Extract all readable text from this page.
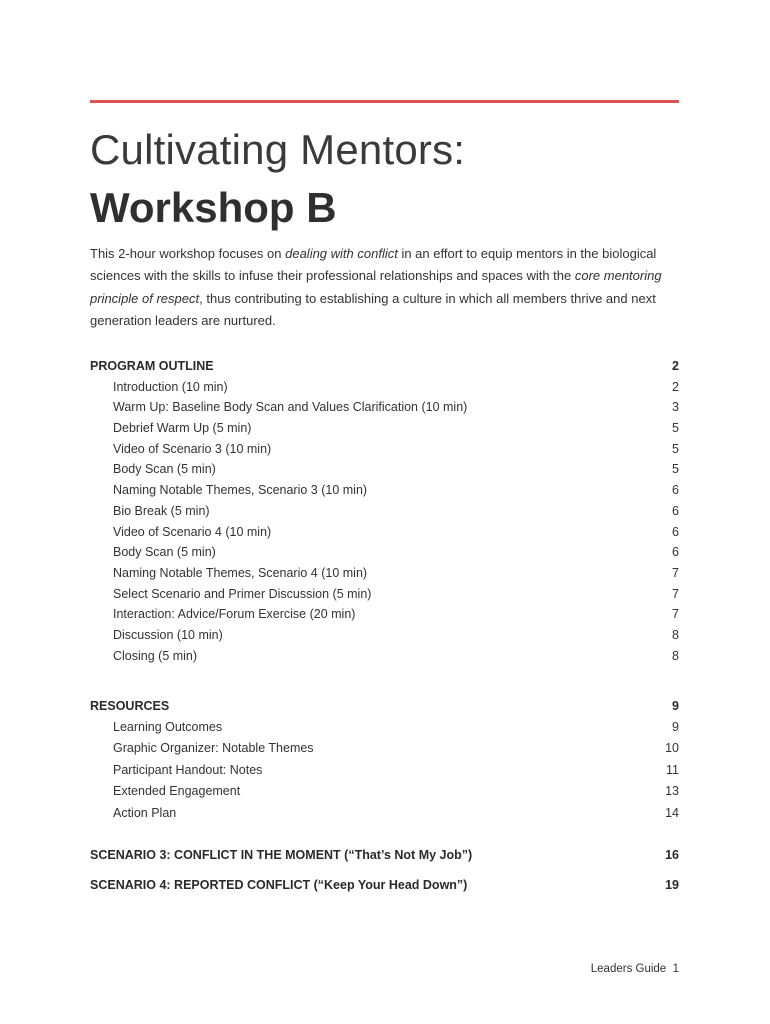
Cultivating Mentors:
Workshop B

This 2-hour workshop focuses on dealing with conflict in an effort to equip mentors in the biological sciences with the skills to infuse their professional relationships and spaces with the core mentoring principle of respect, thus contributing to establishing a culture in which all members thrive and next generation leaders are nurtured.

PROGRAM OUTLINE	2
Introduction (10 min)	2
Warm Up: Baseline Body Scan and Values Clarification (10 min)	3
Debrief Warm Up (5 min)	5
Video of Scenario 3 (10 min)	5
Body Scan (5 min)	5
Naming Notable Themes, Scenario 3 (10 min)	6
Bio Break (5 min)	6
Video of Scenario 4 (10 min)	6
Body Scan (5 min)	6
Naming Notable Themes, Scenario 4 (10 min)	7
Select Scenario and Primer Discussion (5 min)	7
Interaction: Advice/Forum Exercise (20 min)	7
Discussion (10 min)	8
Closing (5 min)	8
RESOURCES	9
Learning Outcomes	9
Graphic Organizer: Notable Themes	10
Participant Handout: Notes	11
Extended Engagement	13
Action Plan	14
SCENARIO 3: CONFLICT IN THE MOMENT (“That’s Not My Job”)	16
SCENARIO 4: REPORTED CONFLICT (“Keep Your Head Down”)	19
Leaders Guide  1
